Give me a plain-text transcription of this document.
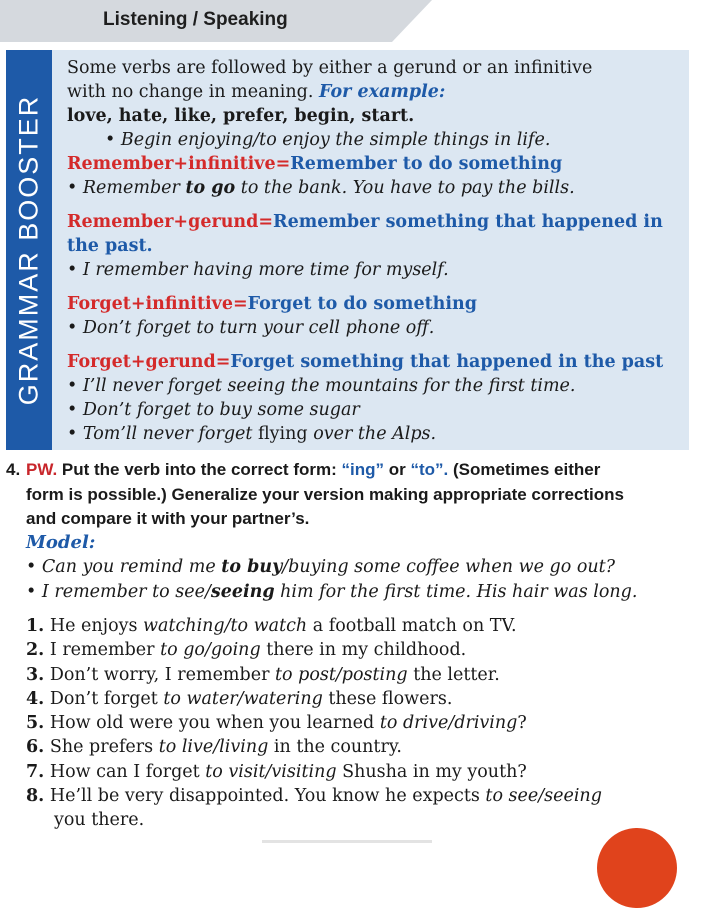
Listening / Speaking
GRAMMAR BOOSTER

Some verbs are followed by either a gerund or an infinitive

with no change in meaning. For example:

love, hate, like, prefer, begin, start.

• Begin enjoying/to enjoy the simple things in life.

Remember+infinitive=Remember to do something

• Remember to go to the bank. You have to pay the bills.

Remember+gerund=Remember something that happened in

the past.

• I remember having more time for myself.

Forget+infinitive=Forget to do something

• Don’t forget to turn your cell phone off.

Forget+gerund=Forget something that happened in the past

• I’ll never forget seeing the mountains for the first time.

• Don’t forget to buy some sugar

• Tom’ll never forget flying over the Alps.

4. PW. Put the verb into the correct form: “ing” or “to”. (Sometimes either
form is possible.) Generalize your version making appropriate corrections
and compare it with your partner’s.
Model:

• Can you remind me to buy/buying some coffee when we go out?

• I remember to see/seeing him for the first time. His hair was long.

1. He enjoys watching/to watch a football match on TV.

2. I remember to go/going there in my childhood.

3. Don’t worry, I remember to post/posting the letter.

4. Don’t forget to water/watering these flowers.

5. How old were you when you learned to drive/driving?

6. She prefers to live/living in the country.

7. How can I forget to visit/visiting Shusha in my youth?

8. He’ll be very disappointed. You know he expects to see/seeing

you there.
